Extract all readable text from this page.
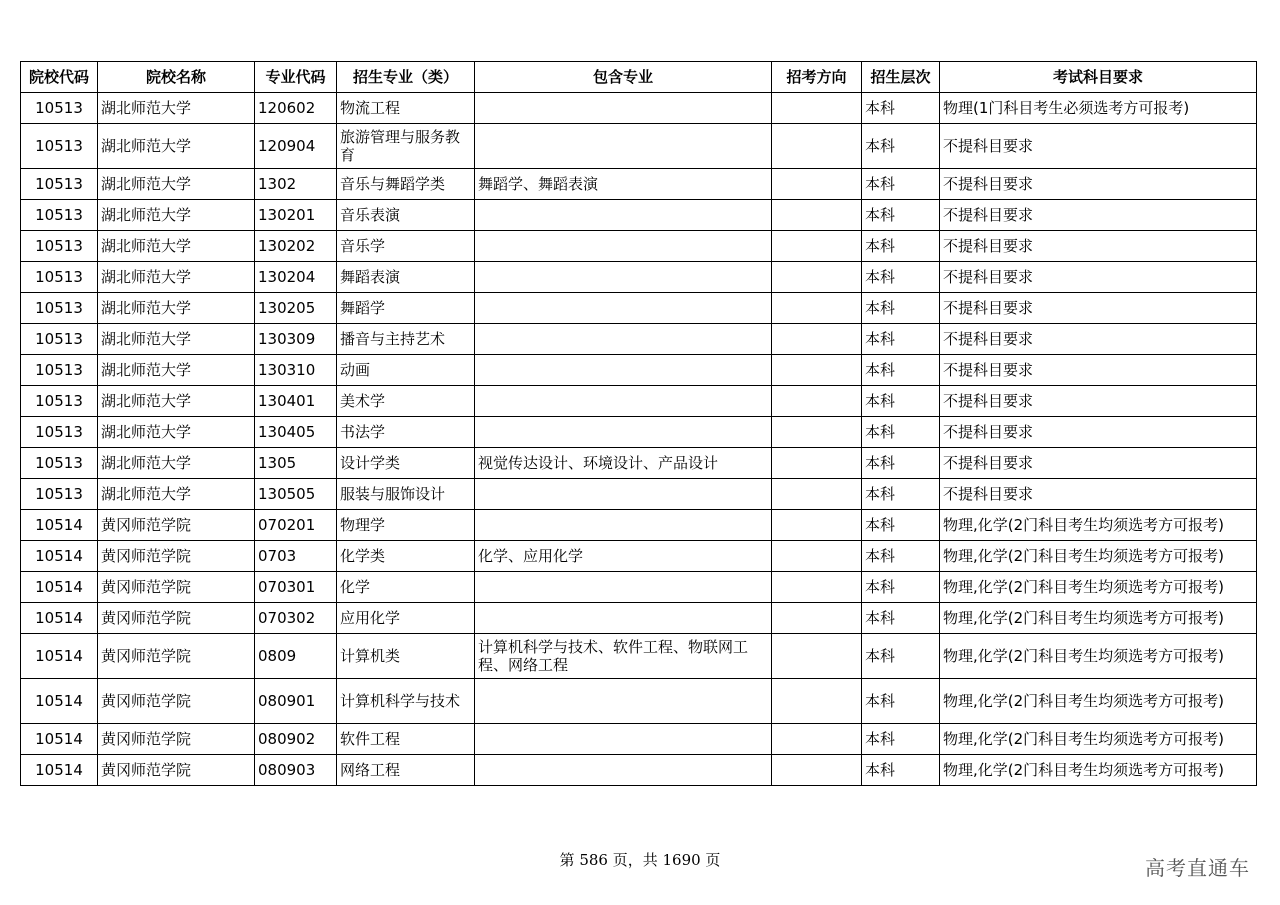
院校代码	院校名称	专业代码	招生专业（类）	包含专业	招考方向	招生层次	考试科目要求
10513	湖北师范大学	120602	物流工程			本科	物理(1门科目考生必须选考方可报考)
10513	湖北师范大学	120904	旅游管理与服务教育			本科	不提科目要求
10513	湖北师范大学	1302	音乐与舞蹈学类	舞蹈学、舞蹈表演		本科	不提科目要求
10513	湖北师范大学	130201	音乐表演			本科	不提科目要求
10513	湖北师范大学	130202	音乐学			本科	不提科目要求
10513	湖北师范大学	130204	舞蹈表演			本科	不提科目要求
10513	湖北师范大学	130205	舞蹈学			本科	不提科目要求
10513	湖北师范大学	130309	播音与主持艺术			本科	不提科目要求
10513	湖北师范大学	130310	动画			本科	不提科目要求
10513	湖北师范大学	130401	美术学			本科	不提科目要求
10513	湖北师范大学	130405	书法学			本科	不提科目要求
10513	湖北师范大学	1305	设计学类	视觉传达设计、环境设计、产品设计		本科	不提科目要求
10513	湖北师范大学	130505	服装与服饰设计			本科	不提科目要求
10514	黄冈师范学院	070201	物理学			本科	物理,化学(2门科目考生均须选考方可报考)
10514	黄冈师范学院	0703	化学类	化学、应用化学		本科	物理,化学(2门科目考生均须选考方可报考)
10514	黄冈师范学院	070301	化学			本科	物理,化学(2门科目考生均须选考方可报考)
10514	黄冈师范学院	070302	应用化学			本科	物理,化学(2门科目考生均须选考方可报考)
10514	黄冈师范学院	0809	计算机类	计算机科学与技术、软件工程、物联网工程、网络工程		本科	物理,化学(2门科目考生均须选考方可报考)
10514	黄冈师范学院	080901	计算机科学与技术			本科	物理,化学(2门科目考生均须选考方可报考)
10514	黄冈师范学院	080902	软件工程			本科	物理,化学(2门科目考生均须选考方可报考)
10514	黄冈师范学院	080903	网络工程			本科	物理,化学(2门科目考生均须选考方可报考)
第 586 页，共 1690 页	高考直通车
